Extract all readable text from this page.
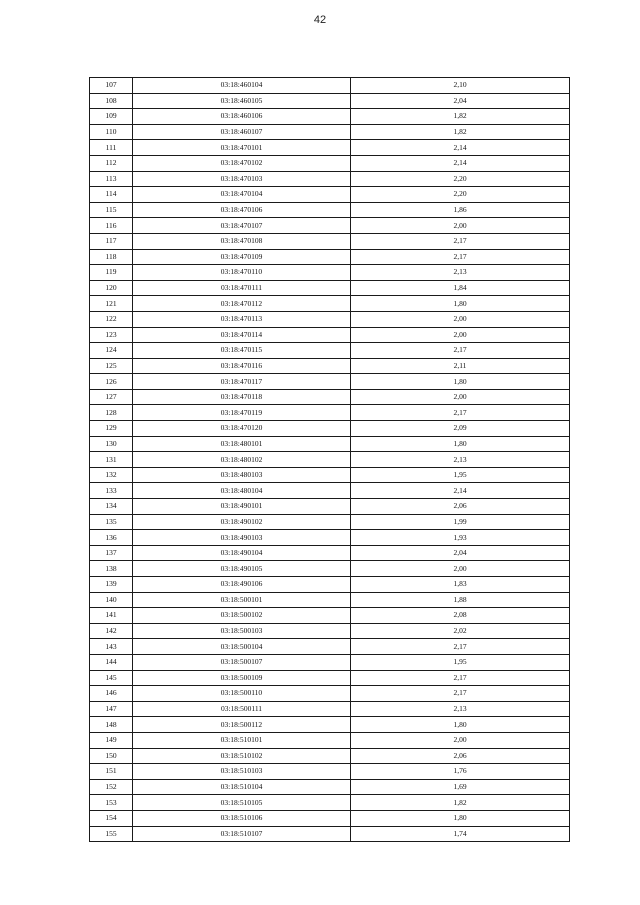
42
107	03:18:460104	2,10
108	03:18:460105	2,04
109	03:18:460106	1,82
110	03:18:460107	1,82
111	03:18:470101	2,14
112	03:18:470102	2,14
113	03:18:470103	2,20
114	03:18:470104	2,20
115	03:18:470106	1,86
116	03:18:470107	2,00
117	03:18:470108	2,17
118	03:18:470109	2,17
119	03:18:470110	2,13
120	03:18:470111	1,84
121	03:18:470112	1,80
122	03:18:470113	2,00
123	03:18:470114	2,00
124	03:18:470115	2,17
125	03:18:470116	2,11
126	03:18:470117	1,80
127	03:18:470118	2,00
128	03:18:470119	2,17
129	03:18:470120	2,09
130	03:18:480101	1,80
131	03:18:480102	2,13
132	03:18:480103	1,95
133	03:18:480104	2,14
134	03:18:490101	2,06
135	03:18:490102	1,99
136	03:18:490103	1,93
137	03:18:490104	2,04
138	03:18:490105	2,00
139	03:18:490106	1,83
140	03:18:500101	1,88
141	03:18:500102	2,08
142	03:18:500103	2,02
143	03:18:500104	2,17
144	03:18:500107	1,95
145	03:18:500109	2,17
146	03:18:500110	2,17
147	03:18:500111	2,13
148	03:18:500112	1,80
149	03:18:510101	2,00
150	03:18:510102	2,06
151	03:18:510103	1,76
152	03:18:510104	1,69
153	03:18:510105	1,82
154	03:18:510106	1,80
155	03:18:510107	1,74
